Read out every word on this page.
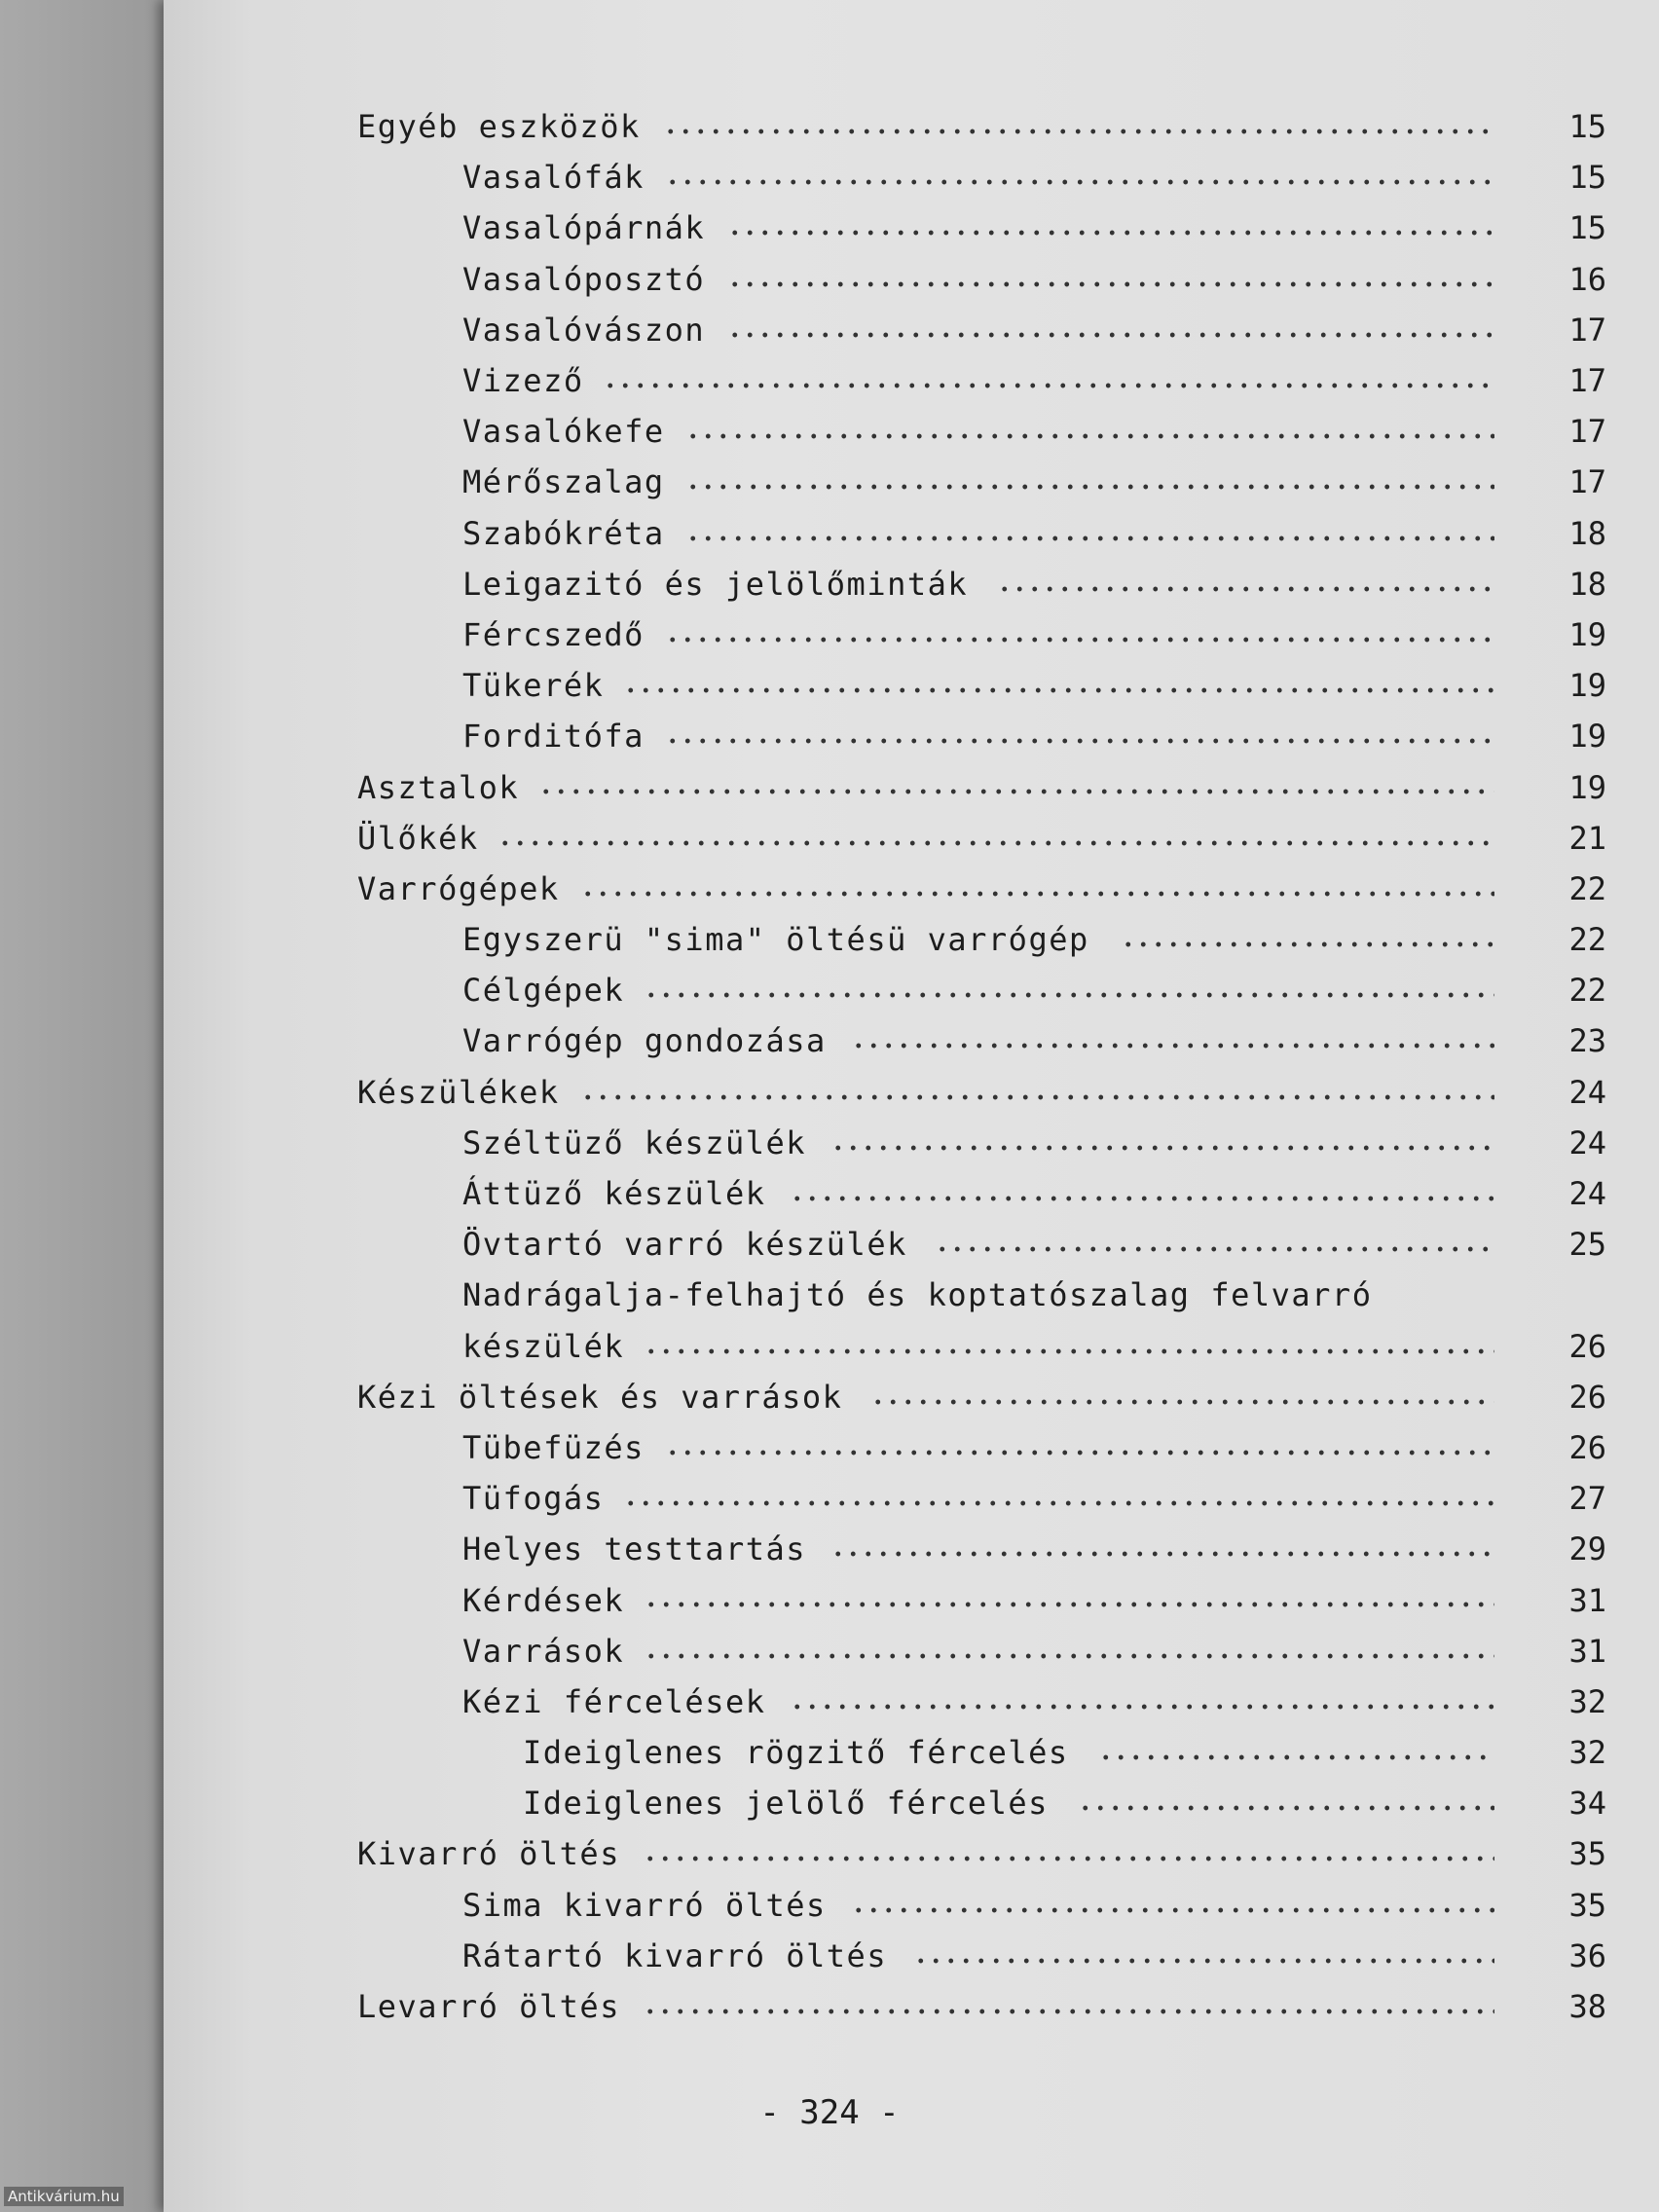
Egyéb eszközök	15
Vasalófák	15
Vasalópárnák	15
Vasalóposztó	16
Vasalóvászon	17
Vizező	17
Vasalókefe	17
Mérőszalag	17
Szabókréta	18
Leigazitó és jelölőminták	18
Fércszedő	19
Tükerék	19
Forditófa	19
Asztalok	19
Ülőkék	21
Varrógépek	22
Egyszerü "sima" öltésü varrógép	22
Célgépek	22
Varrógép gondozása	23
Készülékek	24
Széltüző készülék	24
Áttüző készülék	24
Övtartó varró készülék	25
Nadrágalja-felhajtó és koptatószalag felvarró
készülék	26
Kézi öltések és varrások	26
Tübefüzés	26
Tüfogás	27
Helyes testtartás	29
Kérdések	31
Varrások	31
Kézi fércelések	32
Ideiglenes rögzitő fércelés	32
Ideiglenes jelölő fércelés	34
Kivarró öltés	35
Sima kivarró öltés	35
Rátartó kivarró öltés	36
Levarró öltés	38
- 324 -
Antikvárium.hu
